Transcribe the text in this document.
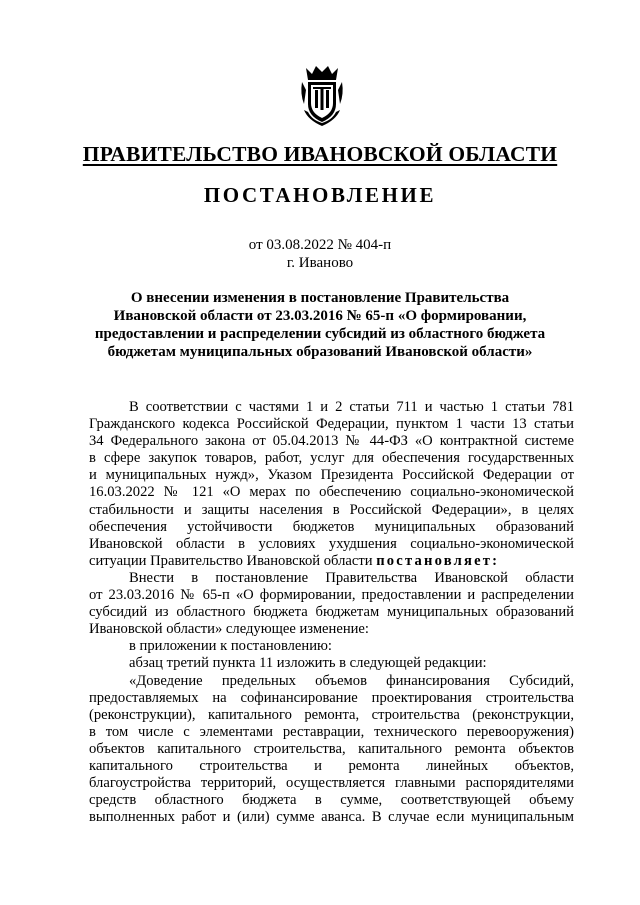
ПРАВИТЕЛЬСТВО ИВАНОВСКОЙ ОБЛАСТИ
ПОСТАНОВЛЕНИЕ
от 03.08.2022 № 404-п
г. Иваново
О внесении изменения в постановление Правительства
Ивановской области от 23.03.2016 № 65-п «О формировании,
предоставлении и распределении субсидий из областного бюджета
бюджетам муниципальных образований Ивановской области»
В соответствии с частями 1 и 2 статьи 711 и частью 1 статьи 781
Гражданского кодекса Российской Федерации, пунктом 1 части 13 статьи
34 Федерального закона от 05.04.2013 № 44-ФЗ «О контрактной системе
в сфере закупок товаров, работ, услуг для обеспечения государственных
и муниципальных нужд», Указом Президента Российской Федерации от
16.03.2022 № 121 «О мерах по обеспечению социально-экономической
стабильности и защиты населения в Российской Федерации», в целях
обеспечения устойчивости бюджетов муниципальных образований
Ивановской области в условиях ухудшения социально-экономической
ситуации Правительство Ивановской области постановляет:
Внести в постановление Правительства Ивановской области
от 23.03.2016 № 65-п «О формировании, предоставлении и распределении
субсидий из областного бюджета бюджетам муниципальных образований
Ивановской области» следующее изменение:
в приложении к постановлению:
абзац третий пункта 11 изложить в следующей редакции:
«Доведение предельных объемов финансирования Субсидий,
предоставляемых на софинансирование проектирования строительства
(реконструкции), капитального ремонта, строительства (реконструкции,
в том числе с элементами реставрации, технического перевооружения)
объектов капитального строительства, капитального ремонта объектов
капитального строительства и ремонта линейных объектов,
благоустройства территорий, осуществляется главными распорядителями
средств областного бюджета в сумме, соответствующей объему
выполненных работ и (или) сумме аванса. В случае если муниципальным
